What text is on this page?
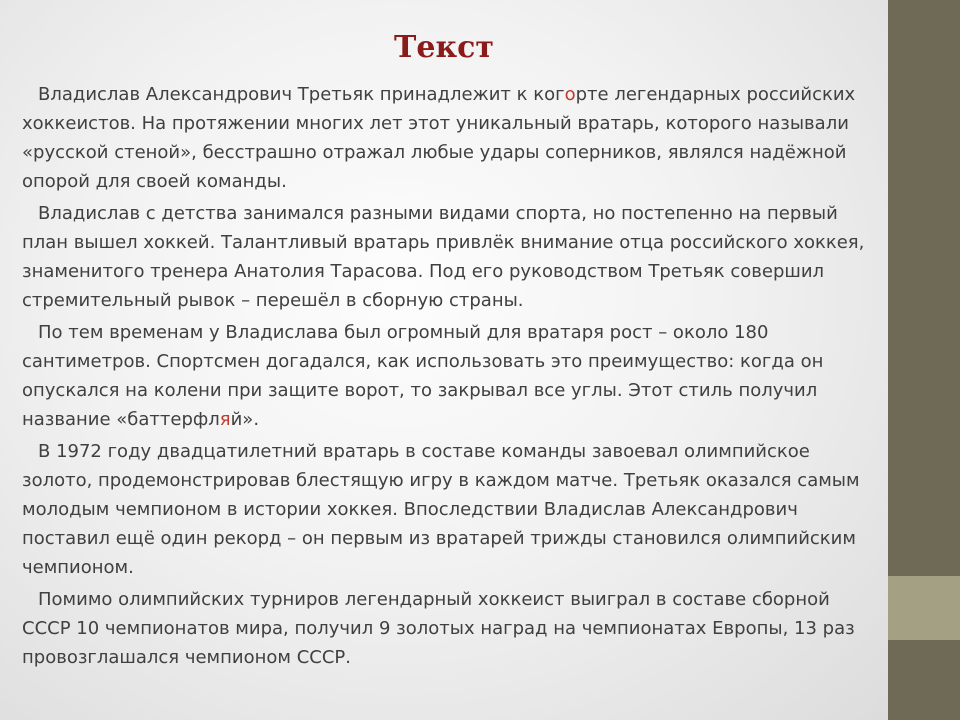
Текст

Владислав Александрович Третьяк принадлежит к когорте легендарных российских хоккеистов. На протяжении многих лет этот уникальный вратарь, которого называли «русской стеной», бесстрашно отражал любые удары соперников, являлся надёжной опорой для своей команды.

Владислав с детства занимался разными видами спорта, но постепенно на первый план вышел хоккей. Талантливый вратарь привлёк внимание отца российского хоккея, знаменитого тренера Анатолия Тарасова. Под его руководством Третьяк совершил стремительный рывок – перешёл в сборную страны.

По тем временам у Владислава был огромный для вратаря рост – около 180 сантиметров. Спортсмен догадался, как использовать это преимущество: когда он опускался на колени при защите ворот, то закрывал все углы. Этот стиль получил название «баттерфляй».

В 1972 году двадцатилетний вратарь в составе команды завоевал олимпийское золото, продемонстрировав блестящую игру в каждом матче. Третьяк оказался самым молодым чемпионом в истории хоккея. Впоследствии Владислав Александрович поставил ещё один рекорд – он первым из вратарей трижды становился олимпийским чемпионом.

Помимо олимпийских турниров легендарный хоккеист выиграл в составе сборной СССР 10 чемпионатов мира, получил 9 золотых наград на чемпионатах Европы, 13 раз провозглашался чемпионом СССР.
